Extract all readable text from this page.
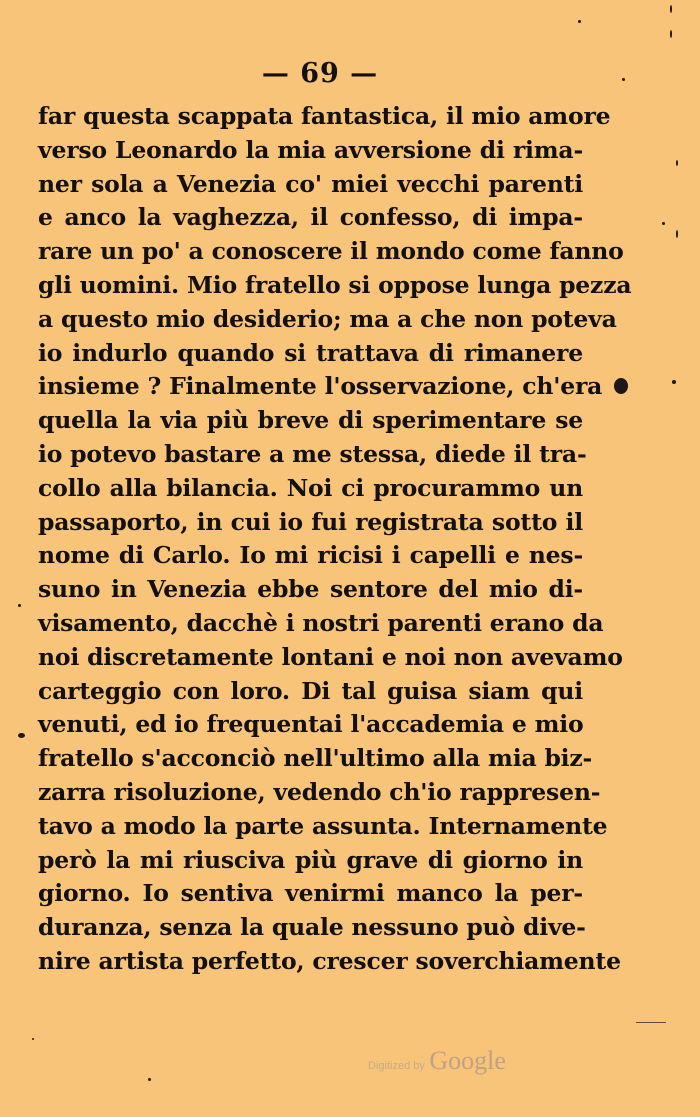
— 69 —
far questa scappata fantastica, il mio amore
verso Leonardo la mia avversione di rima-
ner sola a Venezia co' miei vecchi parenti
e anco la vaghezza, il confesso, di impa-
rare un po' a conoscere il mondo come fanno
gli uomini. Mio fratello si oppose lunga pezza
a questo mio desiderio; ma a che non poteva
io indurlo quando si trattava di rimanere
insieme ? Finalmente l'osservazione, ch'era
quella la via più breve di sperimentare se
io potevo bastare a me stessa, diede il tra-
collo alla bilancia. Noi ci procurammo un
passaporto, in cui io fui registrata sotto il
nome di Carlo. Io mi ricisi i capelli e nes-
suno in Venezia ebbe sentore del mio di-
visamento, dacchè i nostri parenti erano da
noi discretamente lontani e noi non avevamo
carteggio con loro. Di tal guisa siam qui
venuti, ed io frequentai l'accademia e mio
fratello s'acconciò nell'ultimo alla mia biz-
zarra risoluzione, vedendo ch'io rappresen-
tavo a modo la parte assunta. Internamente
però la mi riusciva più grave di giorno in
giorno. Io sentiva venirmi manco la per-
duranza, senza la quale nessuno può dive-
nire artista perfetto, crescer soverchiamente
Digitized by Google
